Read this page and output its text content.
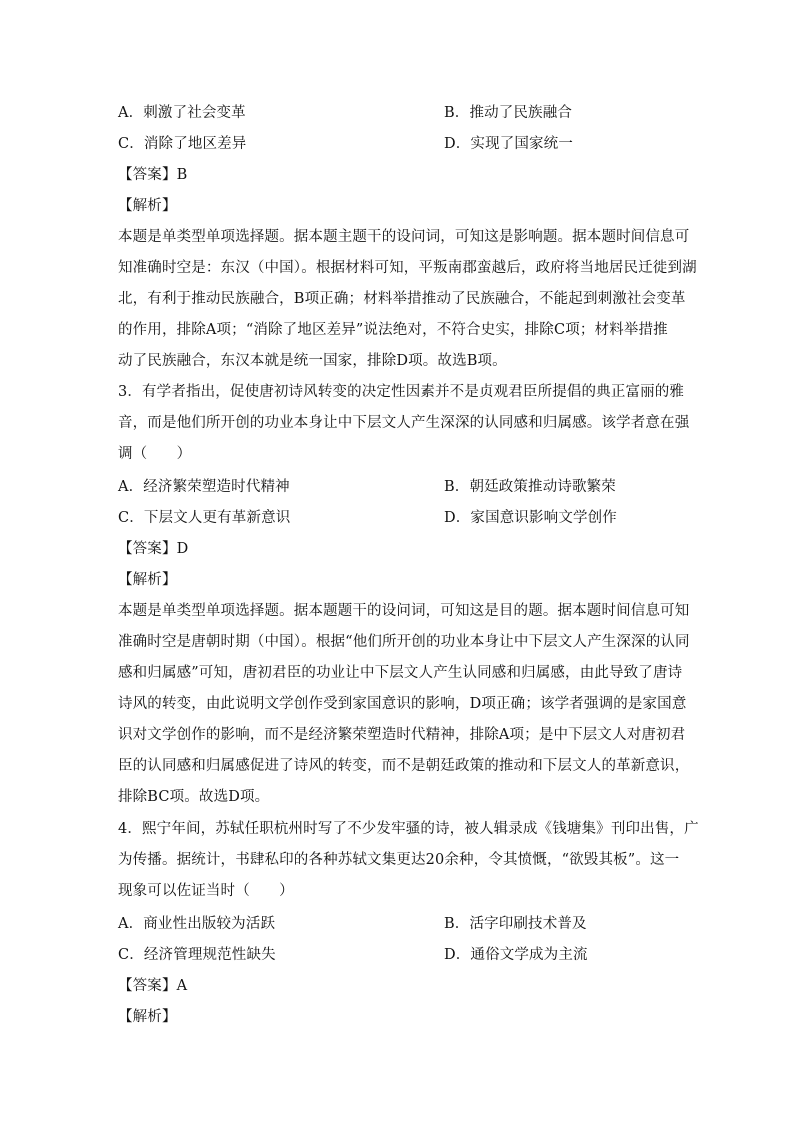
A．刺激了社会变革	B．推动了民族融合
C．消除了地区差异	D．实现了国家统一
【答案】B
【解析】
本题是单类型单项选择题。据本题主题干的设问词，可知这是影响题。据本题时间信息可
知准确时空是：东汉（中国）。根据材料可知，平叛南郡蛮越后，政府将当地居民迁徙到湖
北，有利于推动民族融合，B项正确；材料举措推动了民族融合，不能起到刺激社会变革
的作用，排除A项；“消除了地区差异”说法绝对，不符合史实，排除C项；材料举措推
动了民族融合，东汉本就是统一国家，排除D项。故选B项。
3．有学者指出，促使唐初诗风转变的决定性因素并不是贞观君臣所提倡的典正富丽的雅
音，而是他们所开创的功业本身让中下层文人产生深深的认同感和归属感。该学者意在强
调（　　）
A．经济繁荣塑造时代精神	B．朝廷政策推动诗歌繁荣
C．下层文人更有革新意识	D．家国意识影响文学创作
【答案】D
【解析】
本题是单类型单项选择题。据本题题干的设问词，可知这是目的题。据本题时间信息可知
准确时空是唐朝时期（中国）。根据“他们所开创的功业本身让中下层文人产生深深的认同
感和归属感”可知，唐初君臣的功业让中下层文人产生认同感和归属感，由此导致了唐诗
诗风的转变，由此说明文学创作受到家国意识的影响，D项正确；该学者强调的是家国意
识对文学创作的影响，而不是经济繁荣塑造时代精神，排除A项；是中下层文人对唐初君
臣的认同感和归属感促进了诗风的转变，而不是朝廷政策的推动和下层文人的革新意识，
排除BC项。故选D项。
4．熙宁年间，苏轼任职杭州时写了不少发牢骚的诗，被人辑录成《钱塘集》刊印出售，广
为传播。据统计，书肆私印的各种苏轼文集更达20余种，令其愤慨，“欲毁其板”。这一
现象可以佐证当时（　　）
A．商业性出版较为活跃	B．活字印刷技术普及
C．经济管理规范性缺失	D．通俗文学成为主流
【答案】A
【解析】
